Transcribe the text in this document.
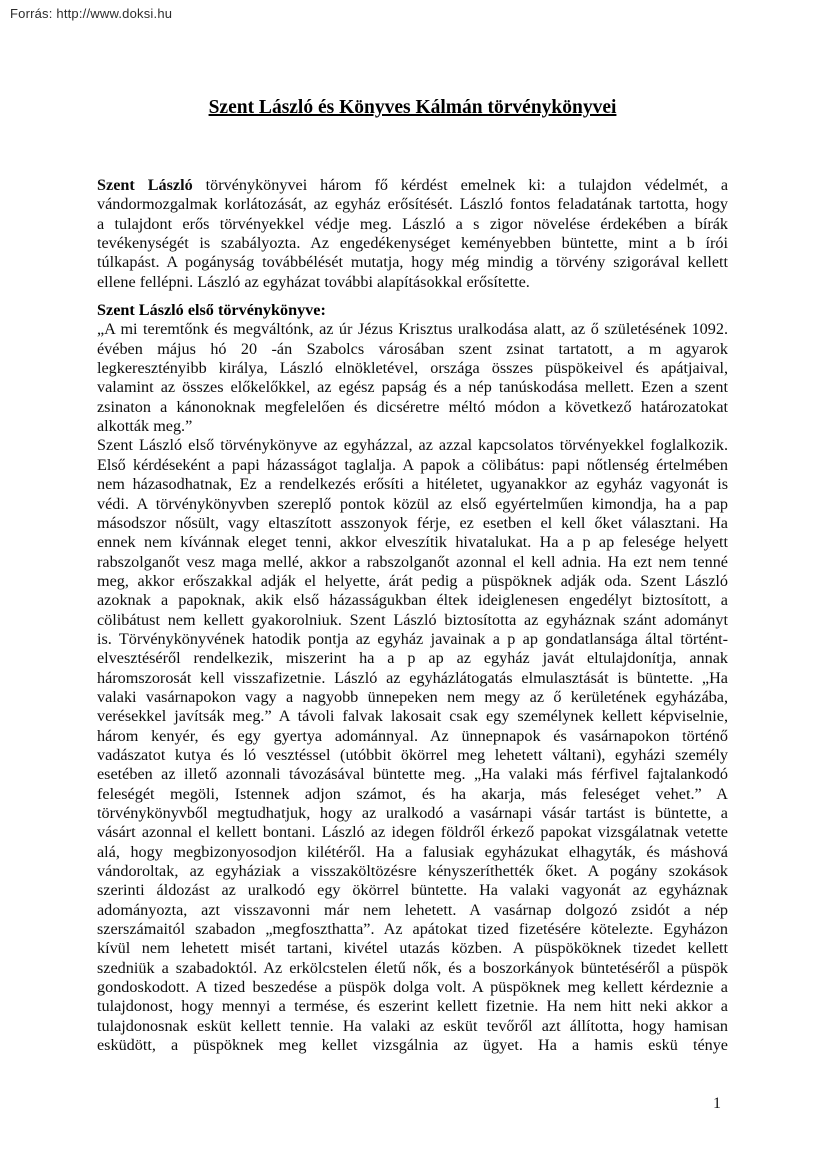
Forrás: http://www.doksi.hu
Szent László és Könyves Kálmán törvénykönyvei
Szent László törvénykönyvei három fő kérdést emelnek ki: a tulajdon védelmét, a
vándormozgalmak korlátozását, az egyház erősítését. László fontos feladatának tartotta, hogy
a tulajdont erős törvényekkel védje meg. László a s zigor növelése érdekében a bírák
tevékenységét is szabályozta. Az engedékenységet keményebben büntette, mint a b írói
túlkapást. A pogányság továbbélését mutatja, hogy még mindig a törvény szigorával kellett
ellene fellépni. László az egyházat további alapításokkal erősítette.
Szent László első törvénykönyve:
„A mi teremtőnk és megváltónk, az úr Jézus Krisztus uralkodása alatt, az ő születésének 1092.
évében május hó 20 -án Szabolcs városában szent zsinat tartatott, a m agyarok
legkeresztényibb királya, László elnökletével, országa összes püspökeivel és apátjaival,
valamint az összes előkelőkkel, az egész papság és a nép tanúskodása mellett. Ezen a szent
zsinaton a kánonoknak megfelelően és dicséretre méltó módon a következő határozatokat
alkották meg.”
Szent László első törvénykönyve az egyházzal, az azzal kapcsolatos törvényekkel foglalkozik.
Első kérdéseként a papi házasságot taglalja. A papok a cölibátus: papi nőtlenség értelmében
nem házasodhatnak, Ez a rendelkezés erősíti a hitéletet, ugyanakkor az egyház vagyonát is
védi. A törvénykönyvben szereplő pontok közül az első egyértelműen kimondja, ha a pap
másodszor nősült, vagy eltaszított asszonyok férje, ez esetben el kell őket választani. Ha
ennek nem kívánnak eleget tenni, akkor elveszítik hivatalukat. Ha a p ap felesége helyett
rabszolganőt vesz maga mellé, akkor a rabszolganőt azonnal el kell adnia. Ha ezt nem tenné
meg, akkor erőszakkal adják el helyette, árát pedig a püspöknek adják oda. Szent László
azoknak a papoknak, akik első házasságukban éltek ideiglenesen engedélyt biztosított, a
cölibátust nem kellett gyakorolniuk. Szent László biztosította az egyháznak szánt adományt
is. Törvénykönyvének hatodik pontja az egyház javainak a p ap gondatlansága által történt-
elvesztéséről rendelkezik, miszerint ha a p ap az egyház javát eltulajdonítja, annak
háromszorosát kell visszafizetnie. László az egyházlátogatás elmulasztását is büntette. „Ha
valaki vasárnapokon vagy a nagyobb ünnepeken nem megy az ő kerületének egyházába,
verésekkel javítsák meg.” A távoli falvak lakosait csak egy személynek kellett képviselnie,
három kenyér, és egy gyertya adománnyal. Az ünnepnapok és vasárnapokon történő
vadászatot kutya és ló vesztéssel (utóbbit ökörrel meg lehetett váltani), egyházi személy
esetében az illető azonnali távozásával büntette meg. „Ha valaki más férfivel fajtalankodó
feleségét megöli, Istennek adjon számot, és ha akarja, más feleséget vehet.” A
törvénykönyvből megtudhatjuk, hogy az uralkodó a vasárnapi vásár tartást is büntette, a
vásárt azonnal el kellett bontani. László az idegen földről érkező papokat vizsgálatnak vetette
alá, hogy megbizonyosodjon kilétéről. Ha a falusiak egyházukat elhagyták, és máshová
vándoroltak, az egyháziak a visszaköltözésre kényszeríthették őket. A pogány szokások
szerinti áldozást az uralkodó egy ökörrel büntette. Ha valaki vagyonát az egyháznak
adományozta, azt visszavonni már nem lehetett. A vasárnap dolgozó zsidót a nép
szerszámaitól szabadon „megfoszthatta”. Az apátokat tized fizetésére kötelezte. Egyházon
kívül nem lehetett misét tartani, kivétel utazás közben. A püspököknek tizedet kellett
szedniük a szabadoktól. Az erkölcstelen életű nők, és a boszorkányok büntetéséről a püspök
gondoskodott. A tized beszedése a püspök dolga volt. A püspöknek meg kellett kérdeznie a
tulajdonost, hogy mennyi a termése, és eszerint kellett fizetnie. Ha nem hitt neki akkor a
tulajdonosnak esküt kellett tennie. Ha valaki az esküt tevőről azt állította, hogy hamisan
esküdött, a püspöknek meg kellet vizsgálnia az ügyet. Ha a hamis eskü ténye
1
